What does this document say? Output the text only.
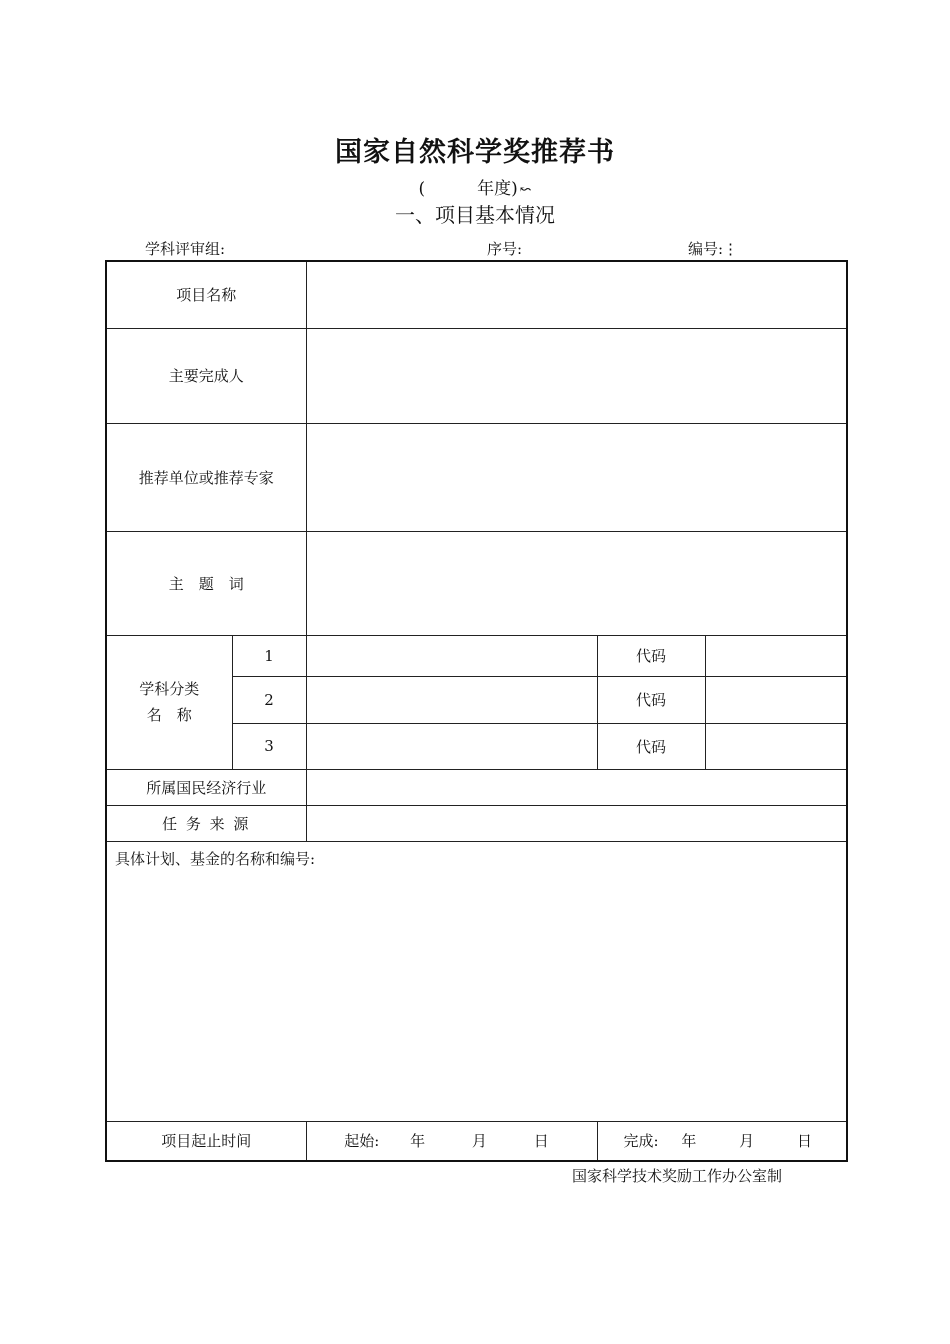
国家自然科学奖推荐书
(	年度) ↜
一、项目基本情况
学科评审组:	序号:	编号:⋮
项目名称				
主要完成人				
推荐单位或推荐专家				
主　题　词				

学科分类
名　称	1		代码	
	2		代码	
	3		代码	
所属国民经济行业				
任 务 来 源				
具体计划、基金的名称和编号:				
项目起止时间		起始: 年 月 日	完成: 年 月 日	
国家科学技术奖励工作办公室制
